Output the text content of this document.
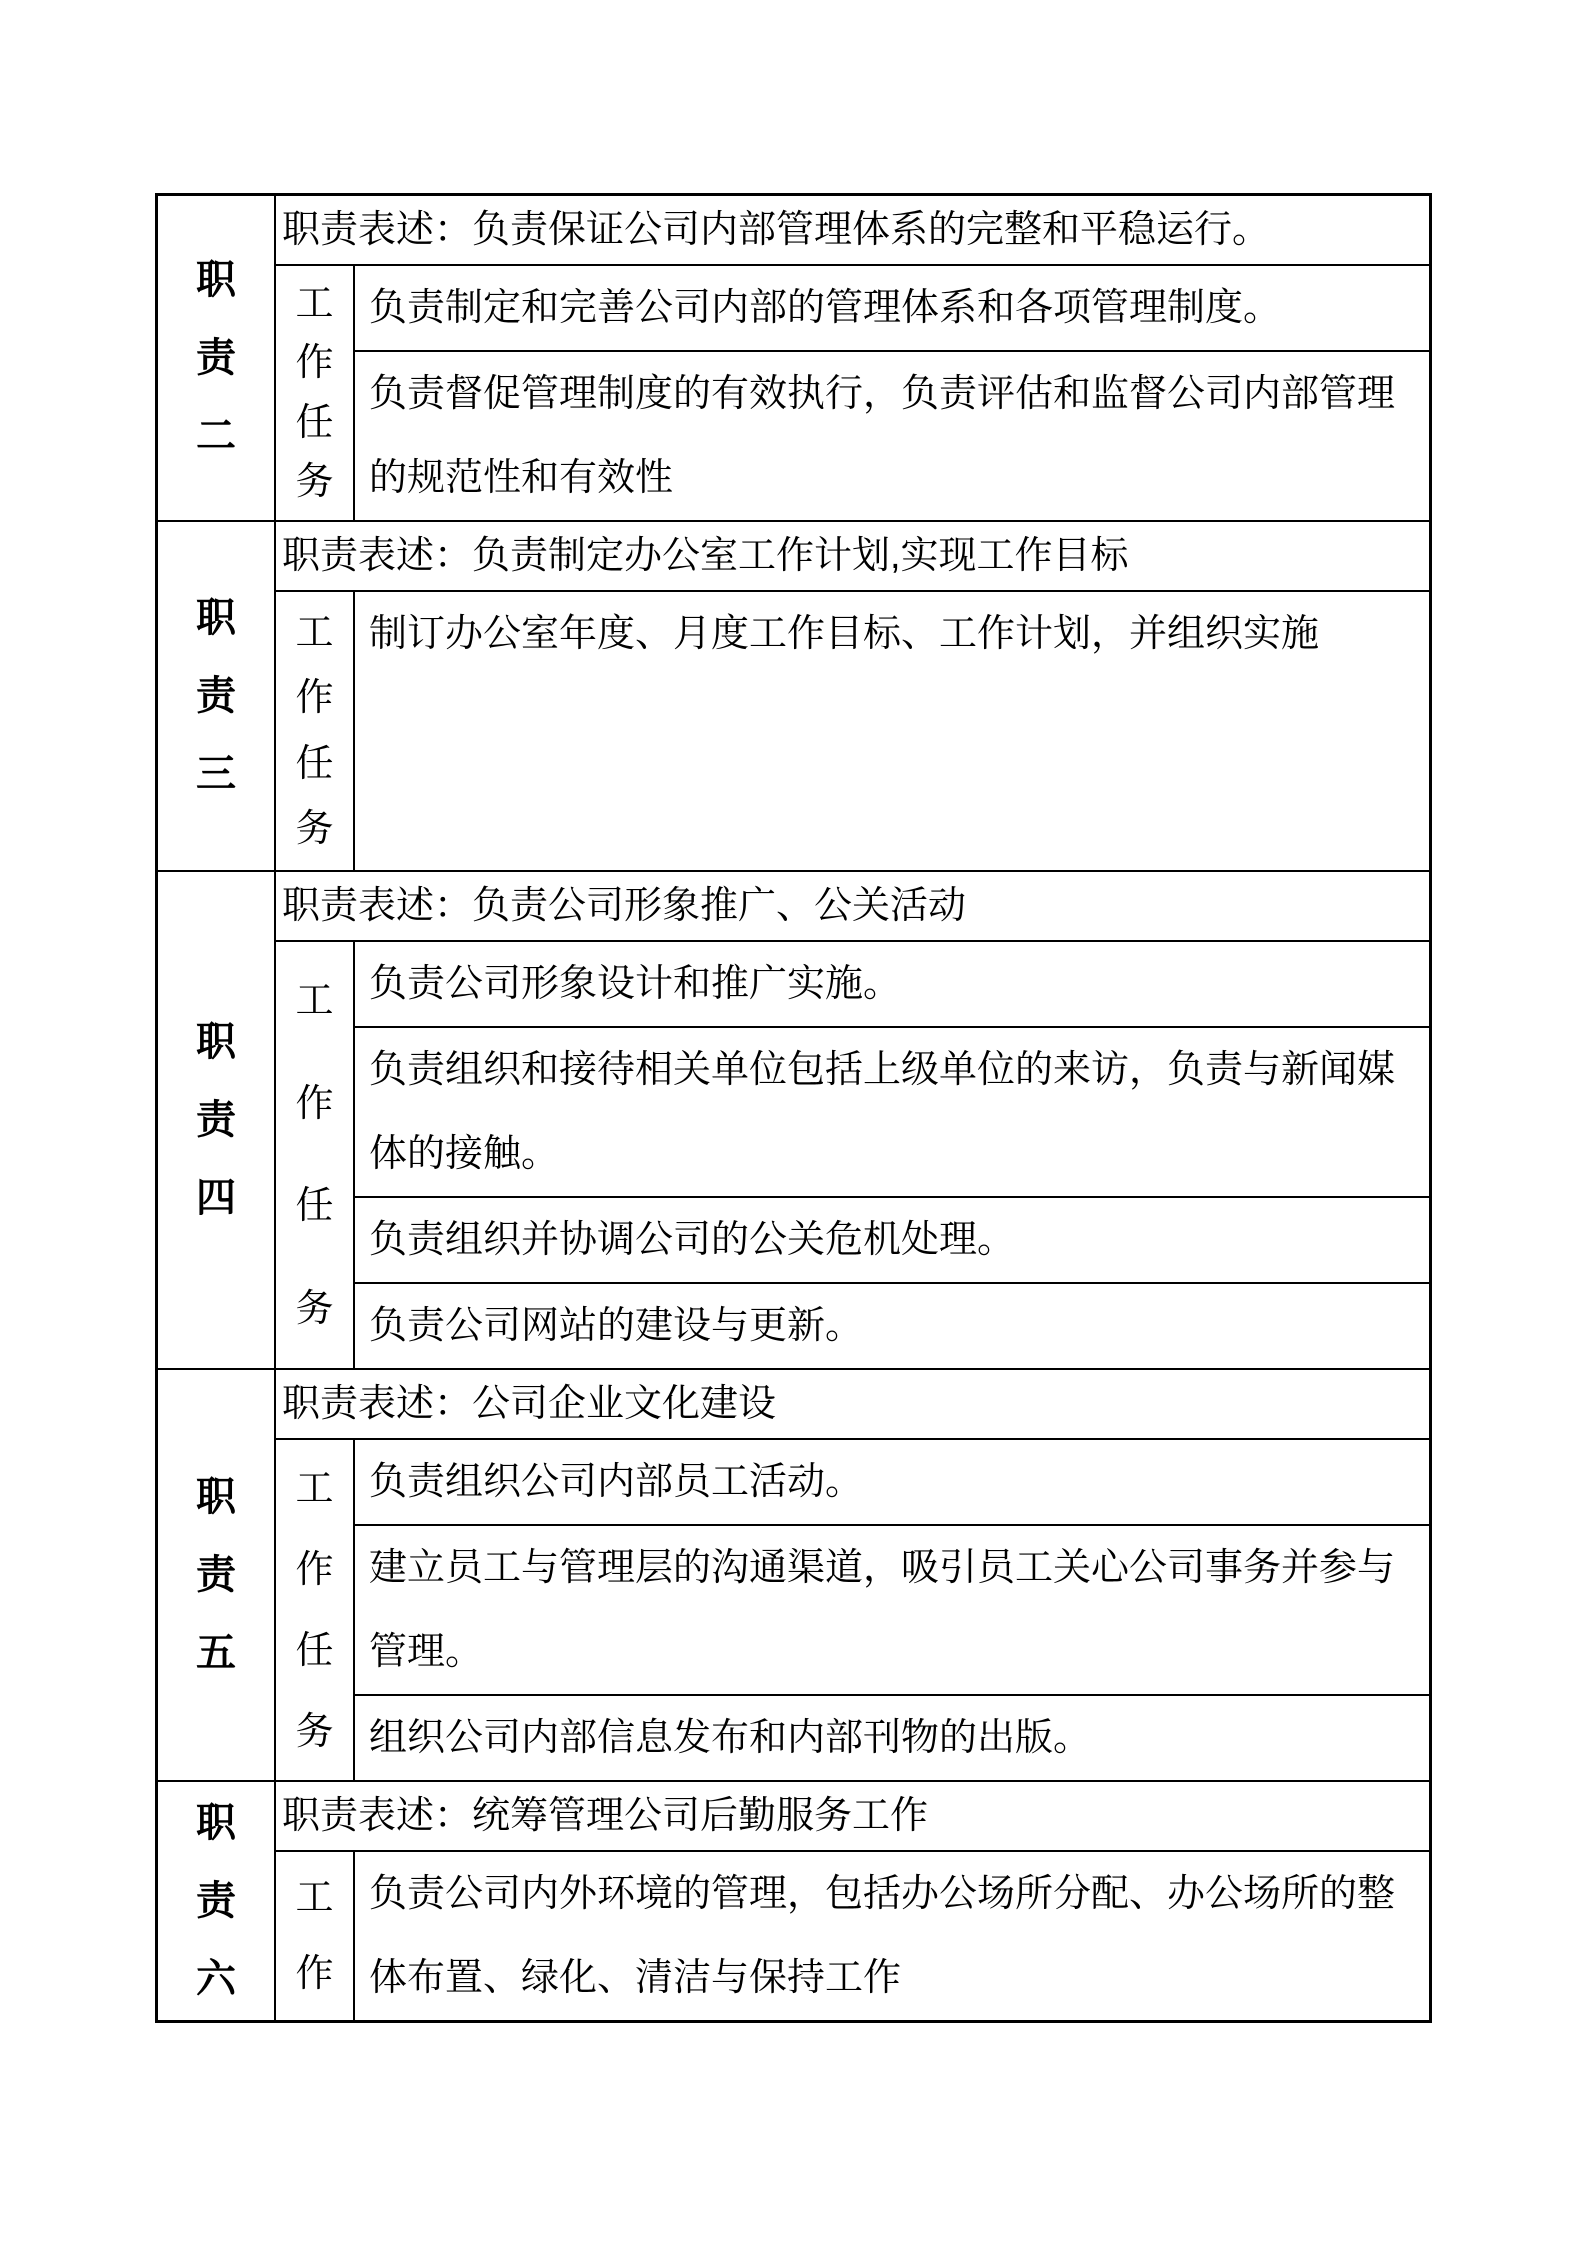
职
责
二
职责表述：负责保证公司内部管理体系的完整和平稳运行。
工
作
任
务
负责制定和完善公司内部的管理体系和各项管理制度。
负责督促管理制度的有效执行，负责评估和监督公司内部管理的规范性和有效性
职
责
三
职责表述：负责制定办公室工作计划,实现工作目标
工
作
任
务
制订办公室年度、月度工作目标、工作计划，并组织实施
职
责
四
职责表述：负责公司形象推广、公关活动
工
作
任
务
负责公司形象设计和推广实施。
负责组织和接待相关单位包括上级单位的来访，负责与新闻媒体的接触。
负责组织并协调公司的公关危机处理。
负责公司网站的建设与更新。
职
责
五
职责表述：公司企业文化建设
工
作
任
务
负责组织公司内部员工活动。
建立员工与管理层的沟通渠道，吸引员工关心公司事务并参与管理。
组织公司内部信息发布和内部刊物的出版。
职
责
六
职责表述：统筹管理公司后勤服务工作
工
作
负责公司内外环境的管理，包括办公场所分配、办公场所的整体布置、绿化、清洁与保持工作
